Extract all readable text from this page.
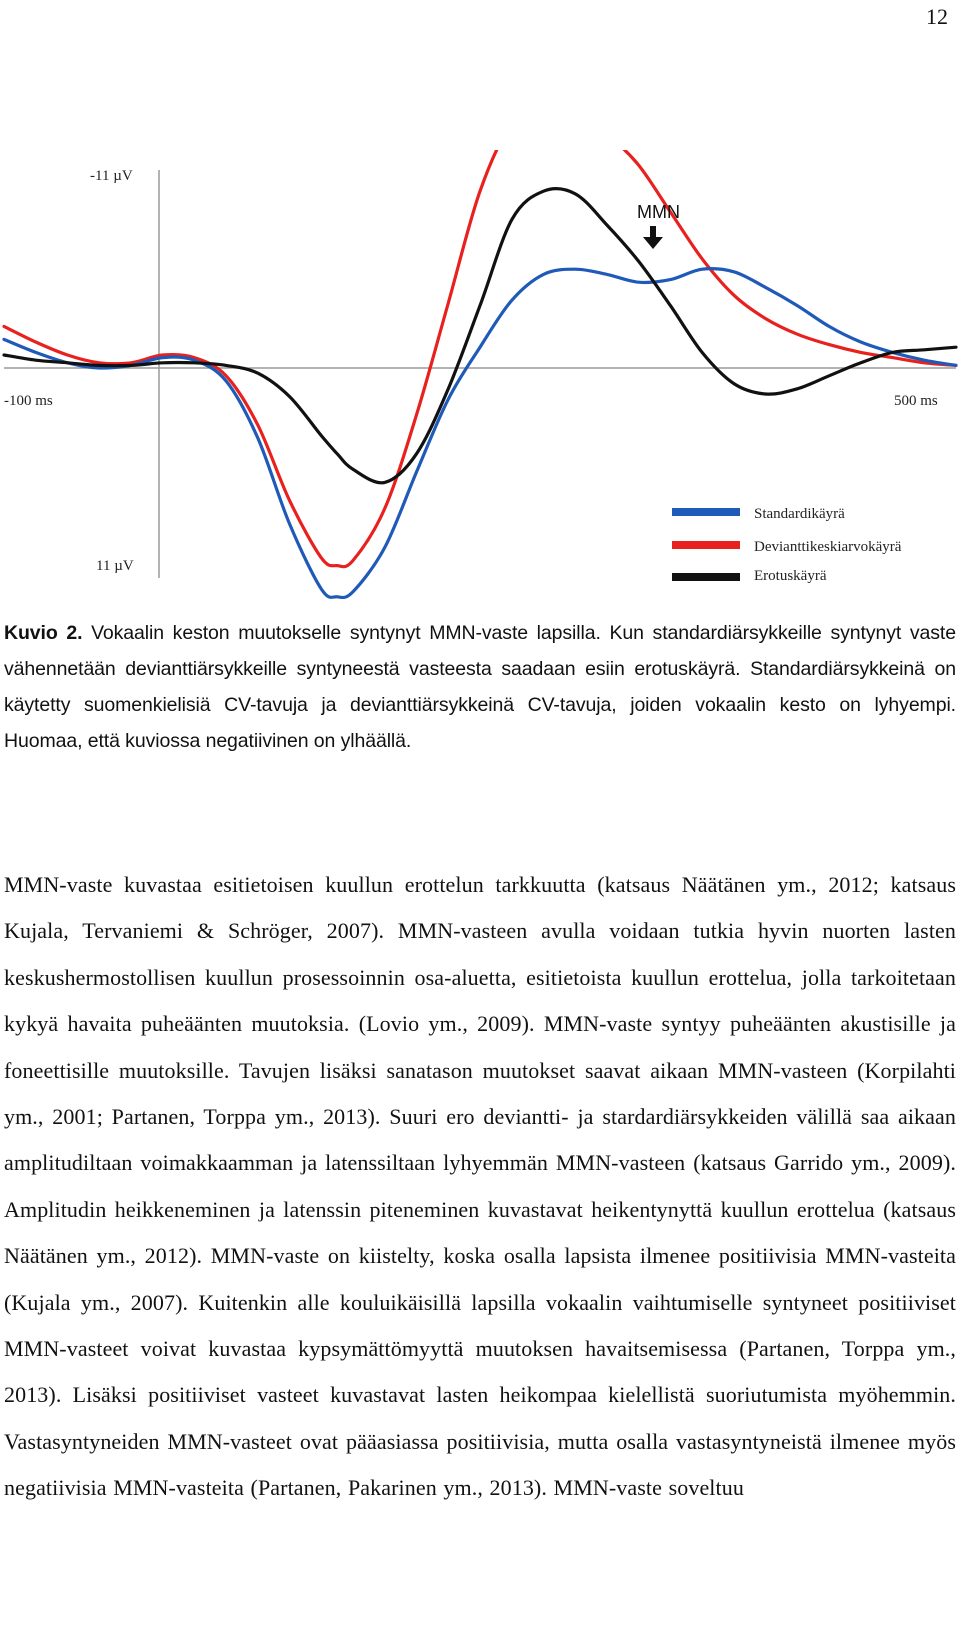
12
-11 µV
11 µV
-100 ms	500 ms
MMN
Standardikäyrä
Devianttikeskiarvokäyrä
Erotuskäyrä
Kuvio 2. Vokaalin keston muutokselle syntynyt MMN-vaste lapsilla. Kun standardiärsykkeille syntynyt vaste vähennetään devianttiärsykkeille syntyneestä vasteesta saadaan esiin erotuskäyrä. Standardiärsykkeinä on käytetty suomenkielisiä CV-tavuja ja devianttiärsykkeinä CV-tavuja, joiden vokaalin kesto on lyhyempi. Huomaa, että kuviossa negatiivinen on ylhäällä.
MMN-vaste kuvastaa esitietoisen kuullun erottelun tarkkuutta (katsaus Näätänen ym., 2012; katsaus Kujala, Tervaniemi & Schröger, 2007). MMN-vasteen avulla voidaan tutkia hyvin nuorten lasten keskushermostollisen kuullun prosessoinnin osa-aluetta, esitietoista kuullun erottelua, jolla tarkoitetaan kykyä havaita puheäänten muutoksia. (Lovio ym., 2009). MMN-vaste syntyy puheäänten akustisille ja foneettisille muutoksille. Tavujen lisäksi sanatason muutokset saavat aikaan MMN-vasteen (Korpilahti ym., 2001; Partanen, Torppa ym., 2013). Suuri ero deviantti- ja stardardiärsykkeiden välillä saa aikaan amplitudiltaan voimakkaamman ja latenssiltaan lyhyemmän MMN-vasteen (katsaus Garrido ym., 2009). Amplitudin heikkeneminen ja latenssin piteneminen kuvastavat heikentynyttä kuullun erottelua (katsaus Näätänen ym., 2012). MMN-vaste on kiistelty, koska osalla lapsista ilmenee positiivisia MMN-vasteita (Kujala ym., 2007). Kuitenkin alle kouluikäisillä lapsilla vokaalin vaihtumiselle syntyneet positiiviset MMN-vasteet voivat kuvastaa kypsymättömyyttä muutoksen havaitsemisessa (Partanen, Torppa ym., 2013). Lisäksi positiiviset vasteet kuvastavat lasten heikompaa kielellistä suoriutumista myöhemmin. Vastasyntyneiden MMN-vasteet ovat pääasiassa positiivisia, mutta osalla vastasyntyneistä ilmenee myös negatiivisia MMN-vasteita (Partanen, Pakarinen ym., 2013). MMN-vaste soveltuu
